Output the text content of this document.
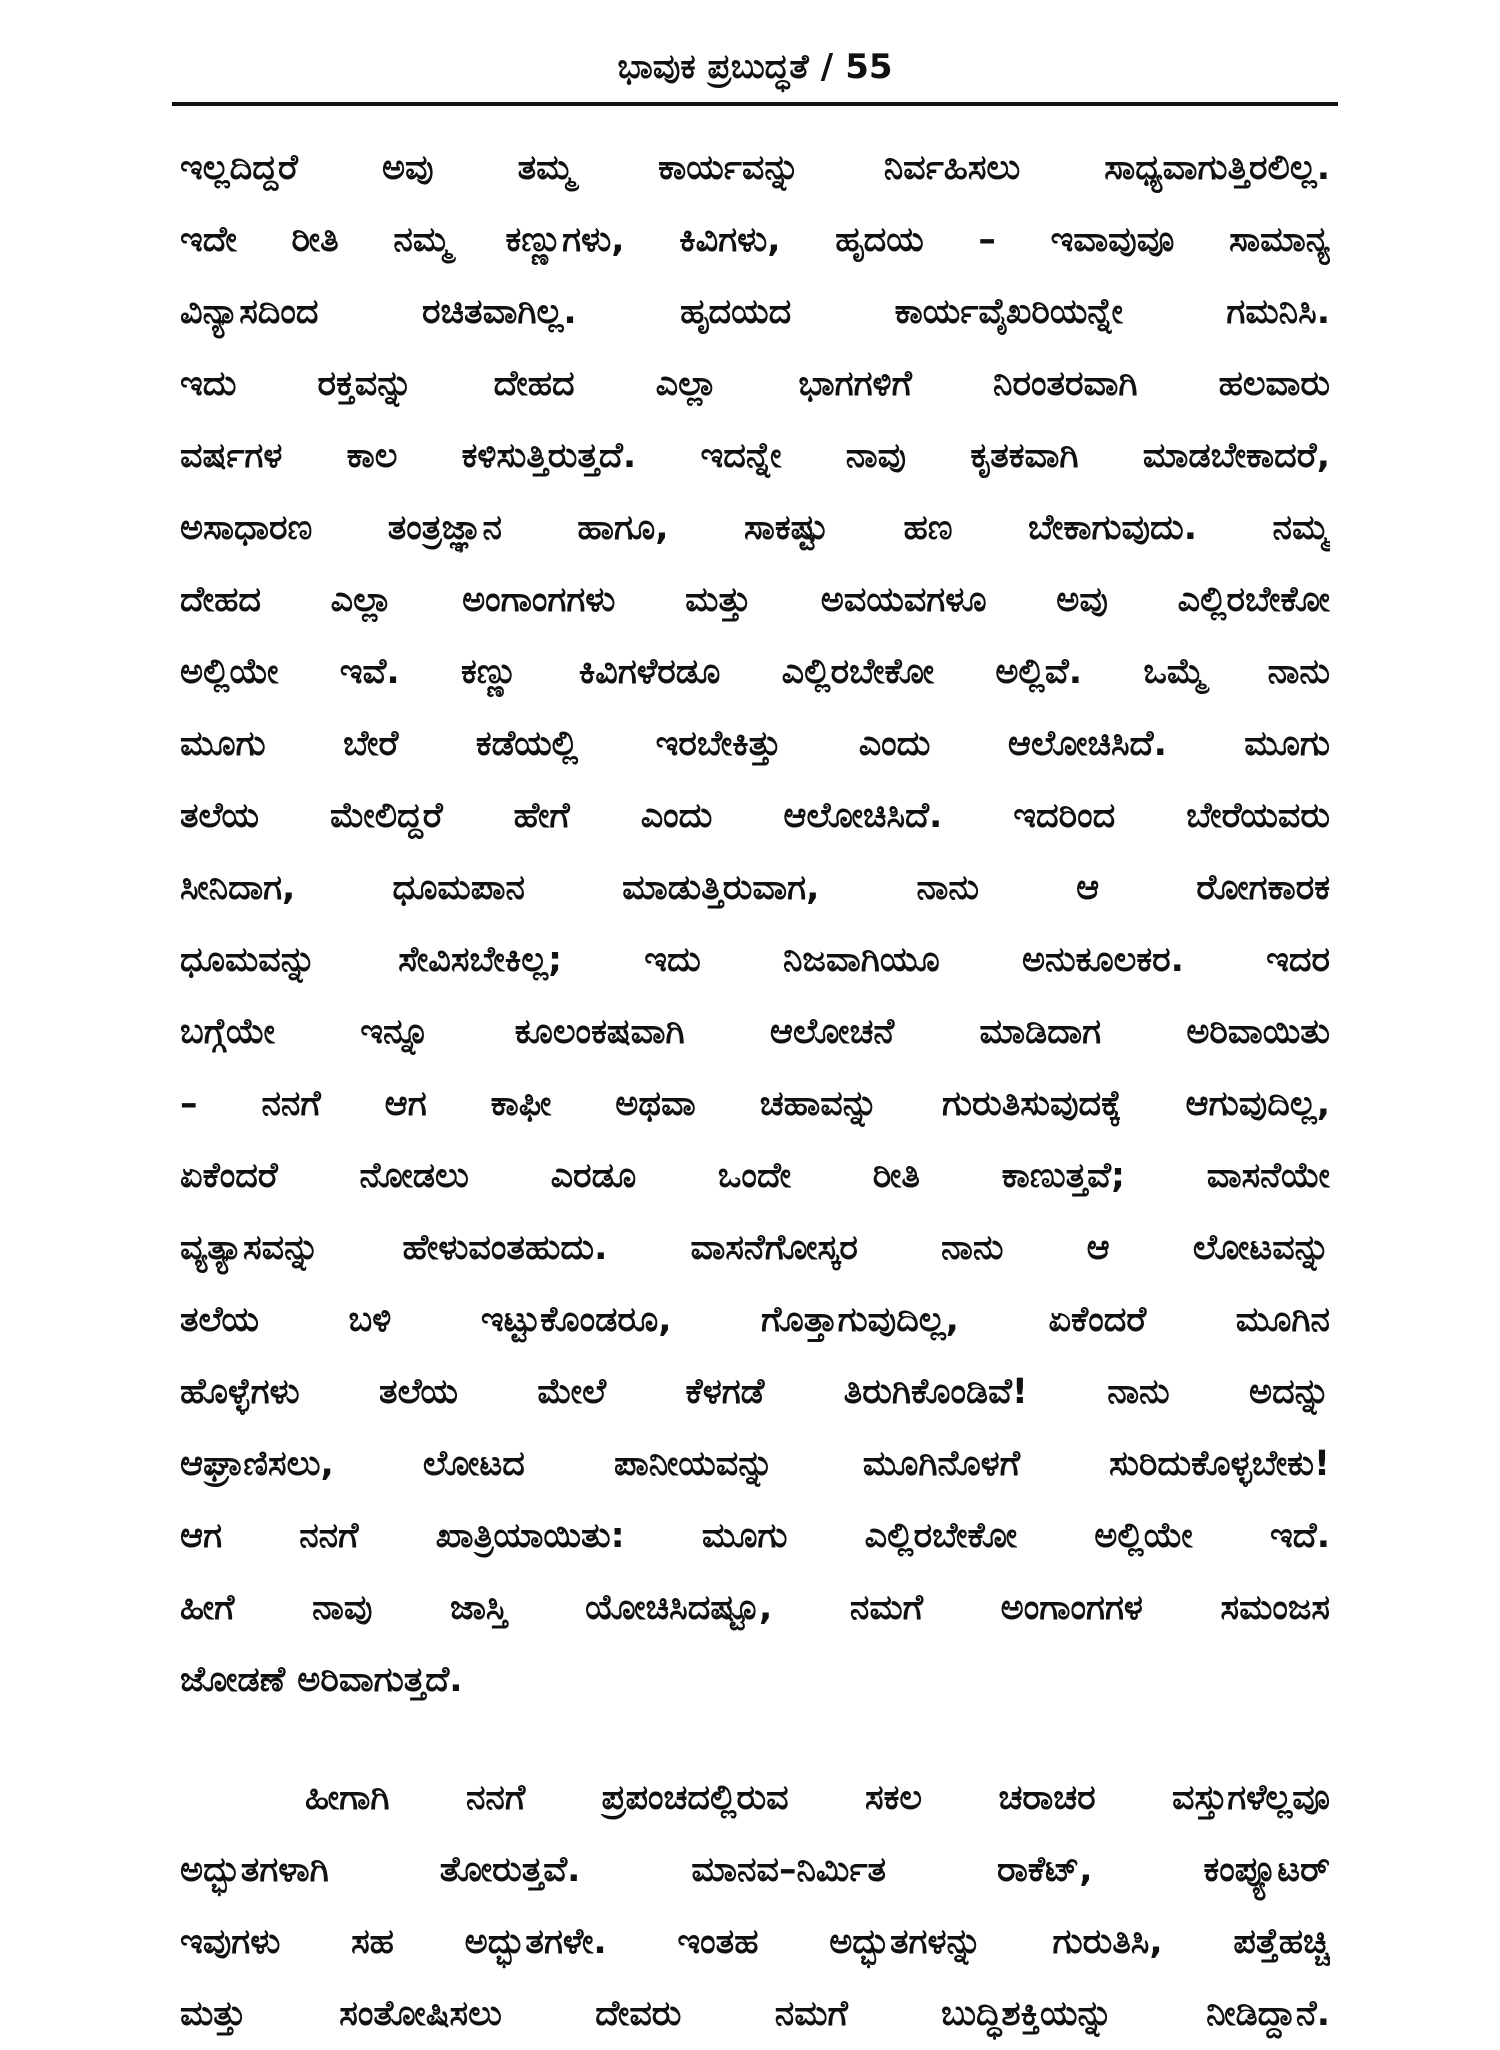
ಭಾವುಕ ಪ್ರಬುದ್ಧತೆ / 55
ಇಲ್ಲದಿದ್ದರೆ ಅವು ತಮ್ಮ ಕಾರ್ಯವನ್ನು ನಿರ್ವಹಿಸಲು ಸಾಧ್ಯವಾಗುತ್ತಿರಲಿಲ್ಲ.
ಇದೇ ರೀತಿ ನಮ್ಮ ಕಣ್ಣುಗಳು, ಕಿವಿಗಳು, ಹೃದಯ – ಇವಾವುವೂ ಸಾಮಾನ್ಯ
ವಿನ್ಯಾಸದಿಂದ ರಚಿತವಾಗಿಲ್ಲ. ಹೃದಯದ ಕಾರ್ಯವೈಖರಿಯನ್ನೇ ಗಮನಿಸಿ.
ಇದು ರಕ್ತವನ್ನು ದೇಹದ ಎಲ್ಲಾ ಭಾಗಗಳಿಗೆ ನಿರಂತರವಾಗಿ ಹಲವಾರು
ವರ್ಷಗಳ ಕಾಲ ಕಳಿಸುತ್ತಿರುತ್ತದೆ. ಇದನ್ನೇ ನಾವು ಕೃತಕವಾಗಿ ಮಾಡಬೇಕಾದರೆ,
ಅಸಾಧಾರಣ ತಂತ್ರಜ್ಞಾನ ಹಾಗೂ, ಸಾಕಷ್ಟು ಹಣ ಬೇಕಾಗುವುದು. ನಮ್ಮ
ದೇಹದ ಎಲ್ಲಾ ಅಂಗಾಂಗಗಳು ಮತ್ತು ಅವಯವಗಳೂ ಅವು ಎಲ್ಲಿರಬೇಕೋ
ಅಲ್ಲಿಯೇ ಇವೆ. ಕಣ್ಣು ಕಿವಿಗಳೆರಡೂ ಎಲ್ಲಿರಬೇಕೋ ಅಲ್ಲಿವೆ. ಒಮ್ಮೆ ನಾನು
ಮೂಗು ಬೇರೆ ಕಡೆಯಲ್ಲಿ ಇರಬೇಕಿತ್ತು ಎಂದು ಆಲೋಚಿಸಿದೆ. ಮೂಗು
ತಲೆಯ ಮೇಲಿದ್ದರೆ ಹೇಗೆ ಎಂದು ಆಲೋಚಿಸಿದೆ. ಇದರಿಂದ ಬೇರೆಯವರು
ಸೀನಿದಾಗ, ಧೂಮಪಾನ ಮಾಡುತ್ತಿರುವಾಗ, ನಾನು ಆ ರೋಗಕಾರಕ
ಧೂಮವನ್ನು ಸೇವಿಸಬೇಕಿಲ್ಲ; ಇದು ನಿಜವಾಗಿಯೂ ಅನುಕೂಲಕರ. ಇದರ
ಬಗ್ಗೆಯೇ ಇನ್ನೂ ಕೂಲಂಕಷವಾಗಿ ಆಲೋಚನೆ ಮಾಡಿದಾಗ ಅರಿವಾಯಿತು
– ನನಗೆ ಆಗ ಕಾಫೀ ಅಥವಾ ಚಹಾವನ್ನು ಗುರುತಿಸುವುದಕ್ಕೆ ಆಗುವುದಿಲ್ಲ,
ಏಕೆಂದರೆ ನೋಡಲು ಎರಡೂ ಒಂದೇ ರೀತಿ ಕಾಣುತ್ತವೆ; ವಾಸನೆಯೇ
ವ್ಯತ್ಯಾಸವನ್ನು ಹೇಳುವಂತಹುದು. ವಾಸನೆಗೋಸ್ಕರ ನಾನು ಆ ಲೋಟವನ್ನು
ತಲೆಯ ಬಳಿ ಇಟ್ಟುಕೊಂಡರೂ, ಗೊತ್ತಾಗುವುದಿಲ್ಲ, ಏಕೆಂದರೆ ಮೂಗಿನ
ಹೊಳ್ಳೆಗಳು ತಲೆಯ ಮೇಲೆ ಕೆಳಗಡೆ ತಿರುಗಿಕೊಂಡಿವೆ! ನಾನು ಅದನ್ನು
ಆಘ್ರಾಣಿಸಲು, ಲೋಟದ ಪಾನೀಯವನ್ನು ಮೂಗಿನೊಳಗೆ ಸುರಿದುಕೊಳ್ಳಬೇಕು!
ಆಗ ನನಗೆ ಖಾತ್ರಿಯಾಯಿತು: ಮೂಗು ಎಲ್ಲಿರಬೇಕೋ ಅಲ್ಲಿಯೇ ಇದೆ.
ಹೀಗೆ ನಾವು ಜಾಸ್ತಿ ಯೋಚಿಸಿದಷ್ಟೂ, ನಮಗೆ ಅಂಗಾಂಗಗಳ ಸಮಂಜಸ
ಜೋಡಣೆ ಅರಿವಾಗುತ್ತದೆ.
ಹೀಗಾಗಿ ನನಗೆ ಪ್ರಪಂಚದಲ್ಲಿರುವ ಸಕಲ ಚರಾಚರ ವಸ್ತುಗಳೆಲ್ಲವೂ
ಅದ್ಭುತಗಳಾಗಿ ತೋರುತ್ತವೆ. ಮಾನವ–ನಿರ್ಮಿತ ರಾಕೆಟ್, ಕಂಪ್ಯೂಟರ್
ಇವುಗಳು ಸಹ ಅದ್ಭುತಗಳೇ. ಇಂತಹ ಅದ್ಭುತಗಳನ್ನು ಗುರುತಿಸಿ, ಪತ್ತೆಹಚ್ಚಿ
ಮತ್ತು ಸಂತೋಷಿಸಲು ದೇವರು ನಮಗೆ ಬುದ್ಧಿಶಕ್ತಿಯನ್ನು ನೀಡಿದ್ದಾನೆ.
